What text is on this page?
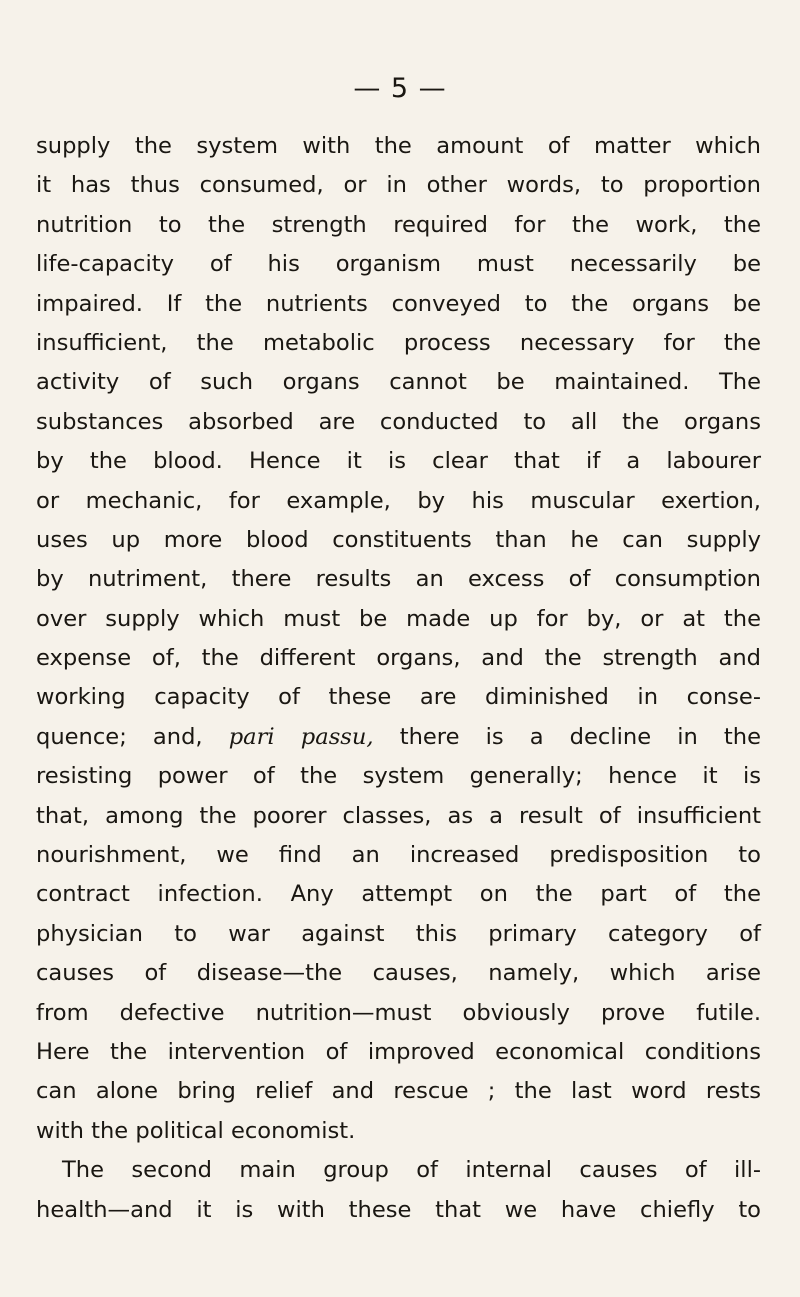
— 5 —
supply the system with the amount of matter which
it has thus consumed, or in other words, to proportion
nutrition to the strength required for the work, the
life-capacity of his organism must necessarily be
impaired. If the nutrients conveyed to the organs be
insufficient, the metabolic process necessary for the
activity of such organs cannot be maintained. The
substances absorbed are conducted to all the organs
by the blood. Hence it is clear that if a labourer
or mechanic, for example, by his muscular exertion,
uses up more blood constituents than he can supply
by nutriment, there results an excess of consumption
over supply which must be made up for by, or at the
expense of, the different organs, and the strength and
working capacity of these are diminished in conse-
quence; and, pari passu, there is a decline in the
resisting power of the system generally; hence it is
that, among the poorer classes, as a result of insufficient
nourishment, we find an increased predisposition to
contract infection. Any attempt on the part of the
physician to war against this primary category of
causes of disease—the causes, namely, which arise
from defective nutrition—must obviously prove futile.
Here the intervention of improved economical conditions
can alone bring relief and rescue ; the last word rests
with the political economist.
The second main group of internal causes of ill-
health—and it is with these that we have chiefly to
